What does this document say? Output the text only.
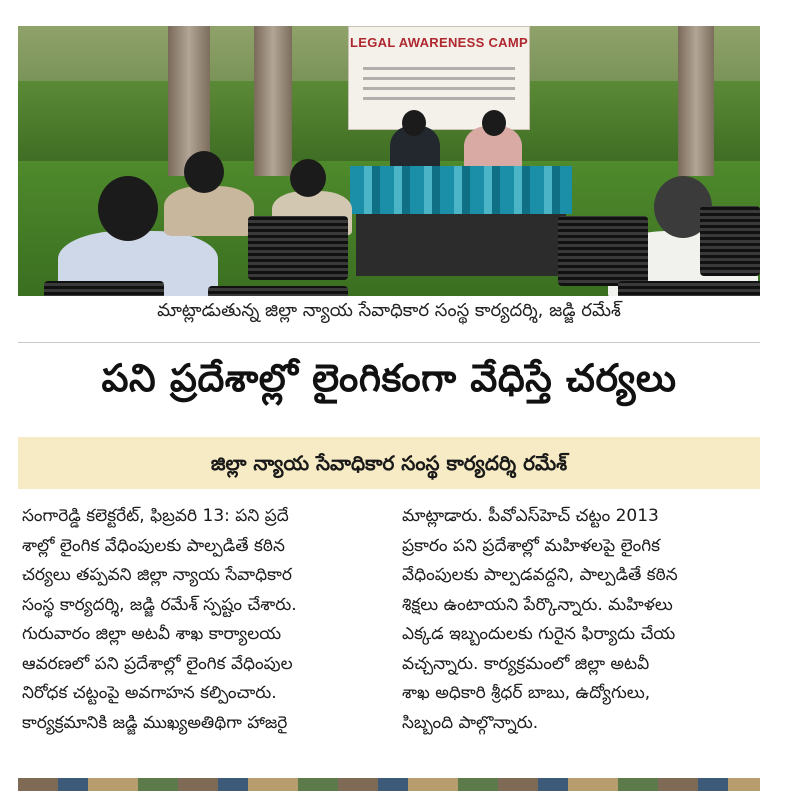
LEGAL AWARENESS CAMP
మాట్లాడుతున్న జిల్లా న్యాయ సేవాధికార సంస్థ కార్యదర్శి, జడ్జి రమేశ్
పని ప్రదేశాల్లో లైంగికంగా వేధిస్తే చర్యలు
జిల్లా న్యాయ సేవాధికార సంస్థ కార్యదర్శి రమేశ్
సంగారెడ్డి కలెక్టరేట్, ఫిబ్రవరి 13: పని ప్రదే
శాల్లో లైంగిక వేధింపులకు పాల్పడితే కఠిన
చర్యలు తప్పవని జిల్లా న్యాయ సేవాధికార
సంస్థ కార్యదర్శి, జడ్జి రమేశ్ స్పష్టం చేశారు.
గురువారం జిల్లా అటవీ శాఖ కార్యాలయ
ఆవరణలో పని ప్రదేశాల్లో లైంగిక వేధింపుల
నిరోధక చట్టంపై అవగాహన కల్పించారు.
కార్యక్రమానికి జడ్జి ముఖ్యఅతిథిగా హాజరై
మాట్లాడారు. పీవోఎస్‌హెచ్ చట్టం 2013
ప్రకారం పని ప్రదేశాల్లో మహిళలపై లైంగిక
వేధింపులకు పాల్పడవద్దని, పాల్పడితే కఠిన
శిక్షలు ఉంటాయని పేర్కొన్నారు. మహిళలు
ఎక్కడ ఇబ్బందులకు గురైన ఫిర్యాదు చేయ
వచ్చన్నారు. కార్యక్రమంలో జిల్లా అటవీ
శాఖ అధికారి శ్రీధర్ బాబు, ఉద్యోగులు,
సిబ్బంది పాల్గొన్నారు.
